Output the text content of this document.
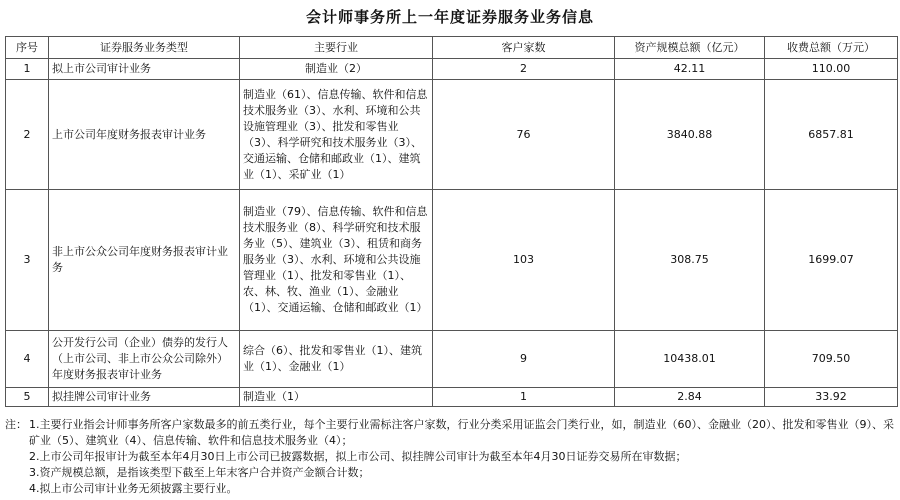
会计师事务所上一年度证券服务业务信息
序号	证券服务业务类型	主要行业	客户家数	资产规模总额（亿元）	收费总额（万元）
1	拟上市公司审计业务	制造业（2）	2	42.11	110.00
2	上市公司年度财务报表审计业务	制造业（61）、信息传输、软件和信息技术服务业（3）、水利、环境和公共设施管理业（3）、批发和零售业（3）、科学研究和技术服务业（3）、交通运输、仓储和邮政业（1）、建筑业（1）、采矿业（1）	76	3840.88	6857.81
3	非上市公众公司年度财务报表审计业务	制造业（79）、信息传输、软件和信息技术服务业（8）、科学研究和技术服务业（5）、建筑业（3）、租赁和商务服务业（3）、水利、环境和公共设施管理业（1）、批发和零售业（1）、农、林、牧、渔业（1）、金融业（1）、交通运输、仓储和邮政业（1）	103	308.75	1699.07
4	公开发行公司（企业）债券的发行人（上市公司、非上市公众公司除外）年度财务报表审计业务	综合（6）、批发和零售业（1）、建筑业（1）、金融业（1）	9	10438.01	709.50
5	拟挂牌公司审计业务	制造业（1）	1	2.84	33.92
注： 1.主要行业指会计师事务所客户家数最多的前五类行业，每个主要行业需标注客户家数，行业分类采用证监会门类行业，如，制造业（60）、金融业（20）、批发和零售业（9）、采矿业（5）、建筑业（4）、信息传输、软件和信息技术服务业（4）；
2.上市公司年报审计为截至本年4月30日上市公司已披露数据，拟上市公司、拟挂牌公司审计为截至本年4月30日证券交易所在审数据；
3.资产规模总额，是指该类型下截至上年末客户合并资产金额合计数；
4.拟上市公司审计业务无须披露主要行业。
